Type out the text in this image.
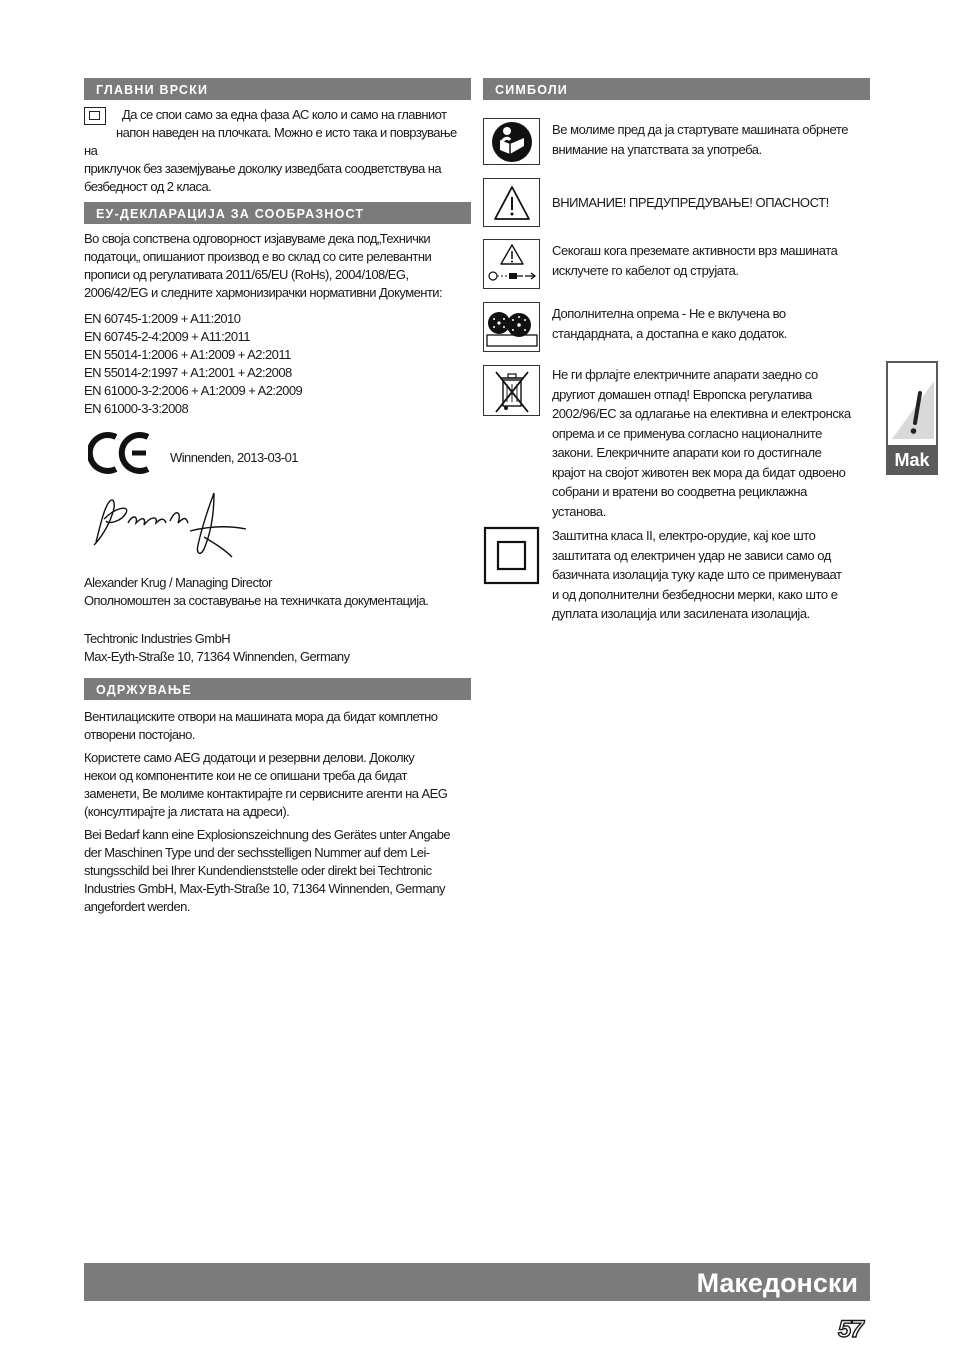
ГЛАВНИ ВРСКИ
Да се спои само за една фаза АС коло и само на главниот
напон наведен на плочката. Можно е исто така и поврзување на
приклучок без заземјување доколку изведбата соодветствува на
безбедност од 2 класа.
ЕУ-ДЕКЛАРАЦИЈА ЗА СООБРАЗНОСТ
Во своја сопствена одговорност изјавуваме дека под„Технички
податоци„ опишаниот производ е во склад со сите релевантни
прописи од регулативата 2011/65/EU (RoHs), 2004/108/EG,
2006/42/EG и следните хармонизирачки нормативни Документи:
EN 60745-1:2009 + A11:2010
EN 60745-2-4:2009 + A11:2011
EN 55014-1:2006 + A1:2009 + A2:2011
EN 55014-2:1997 + A1:2001 + A2:2008
EN 61000-3-2:2006 + A1:2009 + A2:2009
EN 61000-3-3:2008
Winnenden, 2013-03-01
Alexander Krug / Managing Director
Ополномоштен за составување на техничката документација.
Techtronic Industries GmbH
Max-Eyth-Straße 10, 71364 Winnenden, Germany
ОДРЖУВАЊЕ

Вентилациските отвори на машината мора да бидат комплетно
отворени постојано.

Користете само AEG додатоци и резервни делови. Доколку
некои од компонентите кои не се опишани треба да бидат
заменети, Ве молиме контактирајте ги сервисните агенти на AEG
(консултирајте ја листата на адреси).

Bei Bedarf kann eine Explosionszeichnung des Gerätes unter Angabe
der Maschinen Type und der sechsstelligen Nummer auf dem Lei-
stungsschild bei Ihrer Kundendienststelle oder direkt bei Techtronic
Industries GmbH, Max-Eyth-Straße 10, 71364 Winnenden, Germany
angefordert werden.

СИМБОЛИ
Ве молиме пред да ја стартувате машината обрнете
внимание на упатствата за употреба.
ВНИМАНИЕ! ПРЕДУПРЕДУВАЊЕ! ОПАСНОСТ!
Секогаш кога преземате активности врз машината
исклучете го кабелот од струјата.
Дополнителна опрема - Не е вклучена во
стандардната, а достапна е како додаток.
Не ги фрлајте електричните апарати заедно со
другиот домашен отпад! Европска регулатива
2002/96/ЕС за одлагање на елективна и електронска
опрема и се применува согласно националните
закони. Елекричните апарати кои го достигнале
крајот на својот животен век мора да бидат одвоено
собрани и вратени во соодветна рециклажна
установа.
Заштитна класа II, електро-орудие, кај кое што
заштитата од електричен удар не зависи само од
базичната изолација туку каде што се применуваат
и од дополнителни безбедносни мерки, како што е
дуплата изолација или засилената изолација.
Mak
Македонски
57
